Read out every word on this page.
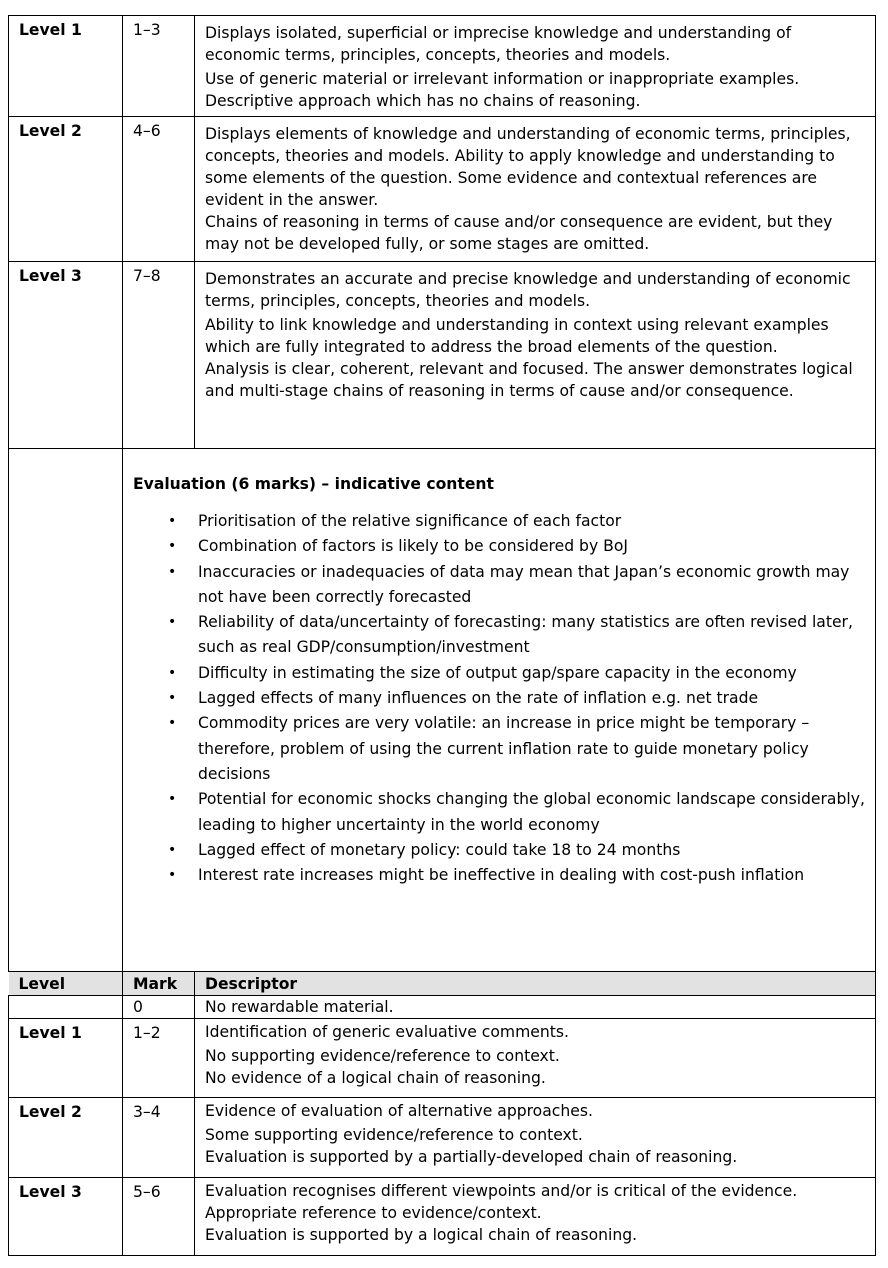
Level 1	1–3	Displays isolated, superficial or imprecise knowledge and understanding of economic terms, principles, concepts, theories and models.

Use of generic material or irrelevant information or inappropriate examples. Descriptive approach which has no chains of reasoning.

Level 2	4–6	Displays elements of knowledge and understanding of economic terms, principles, concepts, theories and models. Ability to apply knowledge and understanding to some elements of the question. Some evidence and contextual references are evident in the answer.

Chains of reasoning in terms of cause and/or consequence are evident, but they may not be developed fully, or some stages are omitted.

Level 3	7–8	Demonstrates an accurate and precise knowledge and understanding of economic terms, principles, concepts, theories and models.

Ability to link knowledge and understanding in context using relevant examples which are fully integrated to address the broad elements of the question.

Analysis is clear, coherent, relevant and focused. The answer demonstrates logical and multi-stage chains of reasoning in terms of cause and/or consequence.

Evaluation (6 marks) – indicative content

• Prioritisation of the relative significance of each factor
• Combination of factors is likely to be considered by BoJ
• Inaccuracies or inadequacies of data may mean that Japan’s economic growth may not have been correctly forecasted
• Reliability of data/uncertainty of forecasting: many statistics are often revised later, such as real GDP/consumption/investment
• Difficulty in estimating the size of output gap/spare capacity in the economy
• Lagged effects of many influences on the rate of inflation e.g. net trade
• Commodity prices are very volatile: an increase in price might be temporary – therefore, problem of using the current inflation rate to guide monetary policy decisions
• Potential for economic shocks changing the global economic landscape considerably, leading to higher uncertainty in the world economy
• Lagged effect of monetary policy: could take 18 to 24 months
• Interest rate increases might be ineffective in dealing with cost-push inflation

Level	Mark	Descriptor
	0	No rewardable material.

Level 1	1–2	Identification of generic evaluative comments.

No supporting evidence/reference to context.

No evidence of a logical chain of reasoning.

Level 2	3–4	Evidence of evaluation of alternative approaches.

Some supporting evidence/reference to context.

Evaluation is supported by a partially-developed chain of reasoning.

Level 3	5–6	Evaluation recognises different viewpoints and/or is critical of the evidence. Appropriate reference to evidence/context.

Evaluation is supported by a logical chain of reasoning.
